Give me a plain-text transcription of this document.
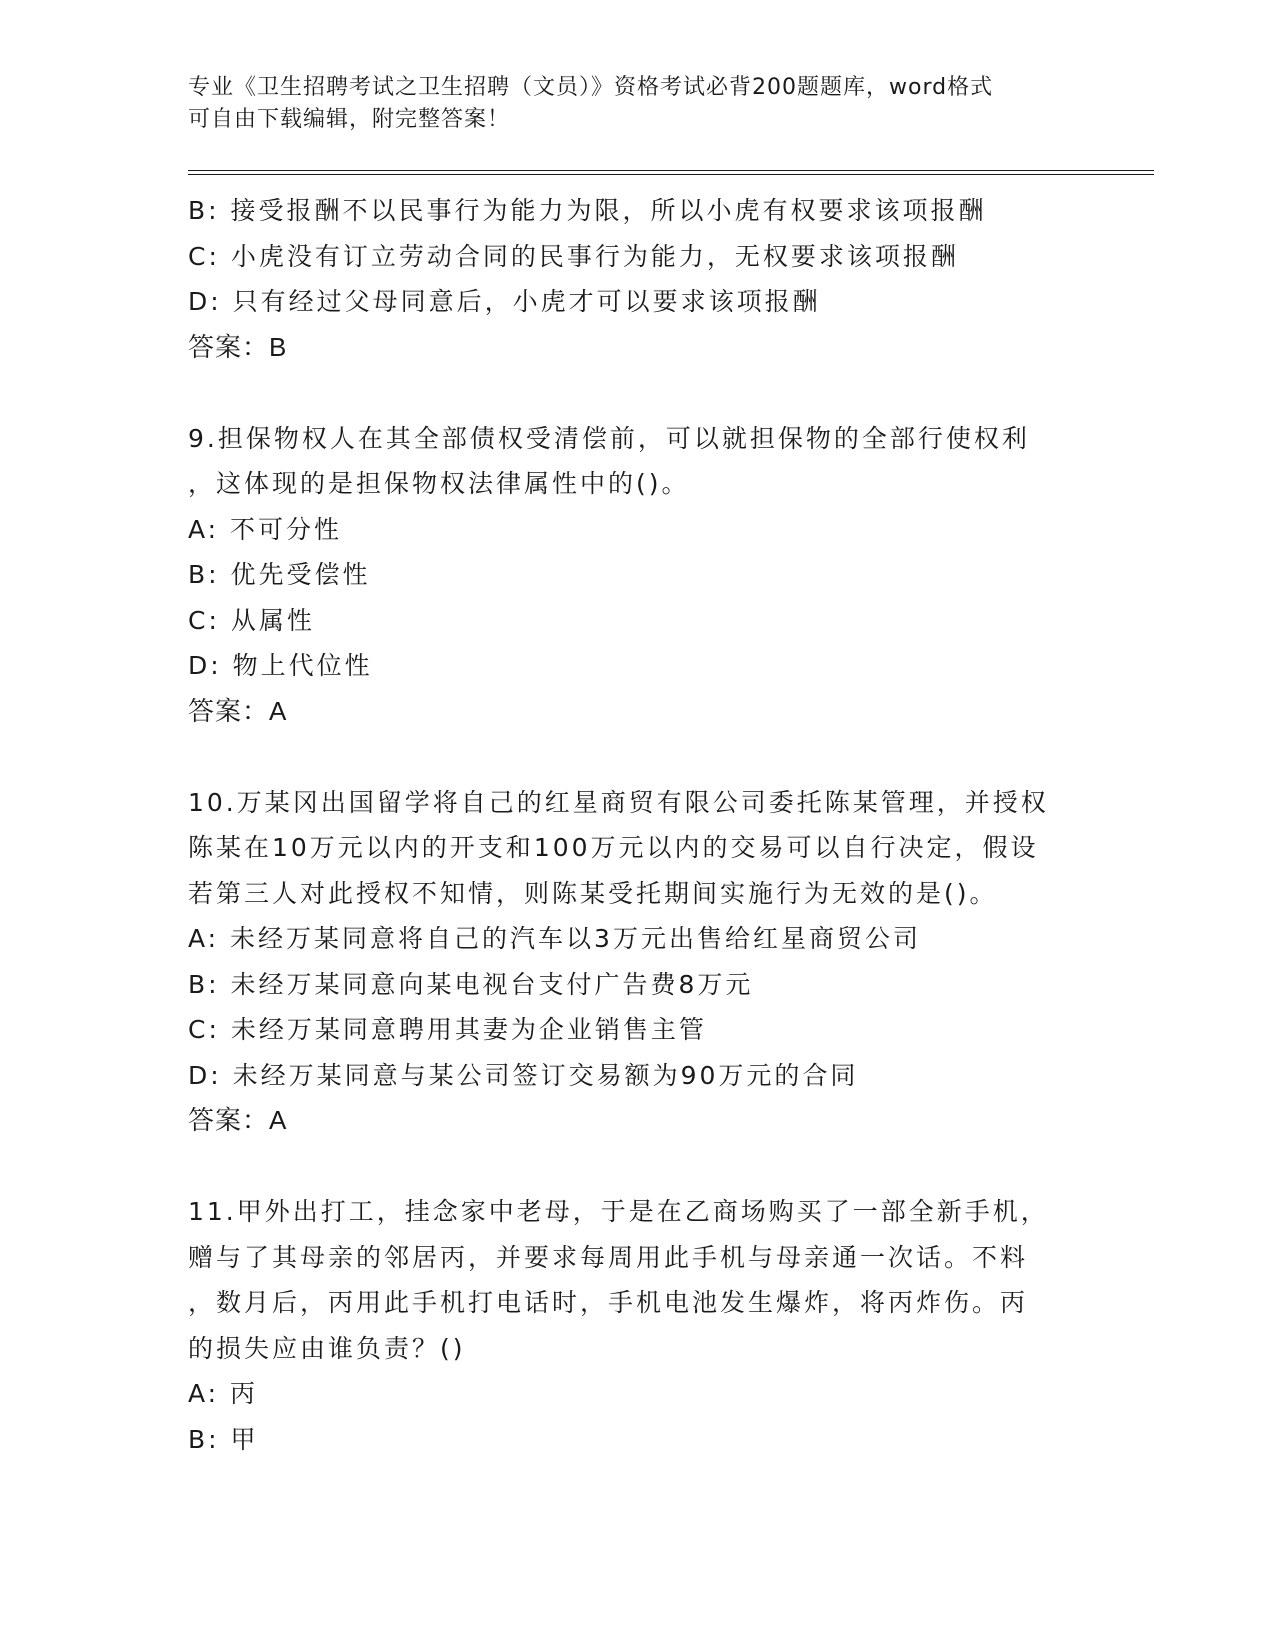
专业《卫生招聘考试之卫生招聘（文员）》资格考试必背200题题库，word格式
可自由下载编辑，附完整答案！
B: 接受报酬不以民事行为能力为限，所以小虎有权要求该项报酬
C: 小虎没有订立劳动合同的民事行为能力，无权要求该项报酬
D: 只有经过父母同意后，小虎才可以要求该项报酬
答案：B
9.担保物权人在其全部债权受清偿前，可以就担保物的全部行使权利
，这体现的是担保物权法律属性中的()。
A: 不可分性
B: 优先受偿性
C: 从属性
D: 物上代位性
答案：A
10.万某冈出国留学将自己的红星商贸有限公司委托陈某管理，并授权
陈某在10万元以内的开支和100万元以内的交易可以自行决定，假设
若第三人对此授权不知情，则陈某受托期间实施行为无效的是()。
A: 未经万某同意将自己的汽车以3万元出售给红星商贸公司
B: 未经万某同意向某电视台支付广告费8万元
C: 未经万某同意聘用其妻为企业销售主管
D: 未经万某同意与某公司签订交易额为90万元的合同
答案：A
11.甲外出打工，挂念家中老母，于是在乙商场购买了一部全新手机，
赠与了其母亲的邻居丙，并要求每周用此手机与母亲通一次话。不料
，数月后，丙用此手机打电话时，手机电池发生爆炸，将丙炸伤。丙
的损失应由谁负责？()
A: 丙
B: 甲
